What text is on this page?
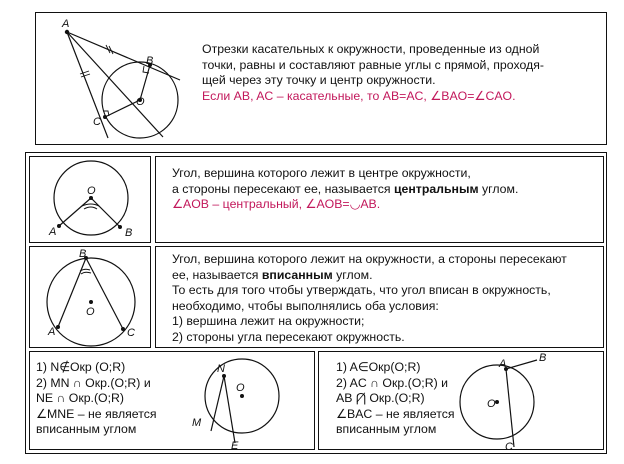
A
B
C
O
Отрезки касательных к окружности, проведенные из одной
точки, равны и составляют равные углы с прямой, проходя-
щей через эту точку и центр окружности.
Если AB, AC – касательные, то AB=AC, ∠BAO=∠CAO.
O
A	B
Угол, вершина которого лежит в центре окружности,
а стороны пересекают ее, называется центральным углом.
∠AOB – центральный, ∠AOB=◡AB.
B
O
A	C
Угол, вершина которого лежит на окружности, а стороны пересекают
ее, называется вписанным углом.
То есть для того чтобы утверждать, что угол вписан в окружность,
необходимо, чтобы выполнялись оба условия:
1) вершина лежит на окружности;
2) стороны угла пересекают окружность.
1) N∉Окр (O;R)
2) MN ∩ Окр.(O;R) и
NE ∩ Окр.(O;R)
∠MNE – не является
вписанным углом
N
O
M
E
1) A∈Окр(O;R)
2) AC ∩ Окр.(O;R) и
AB ⋂̸ Окр.(O;R)
∠BAC – не является
вписанным углом
B
A
O
C
